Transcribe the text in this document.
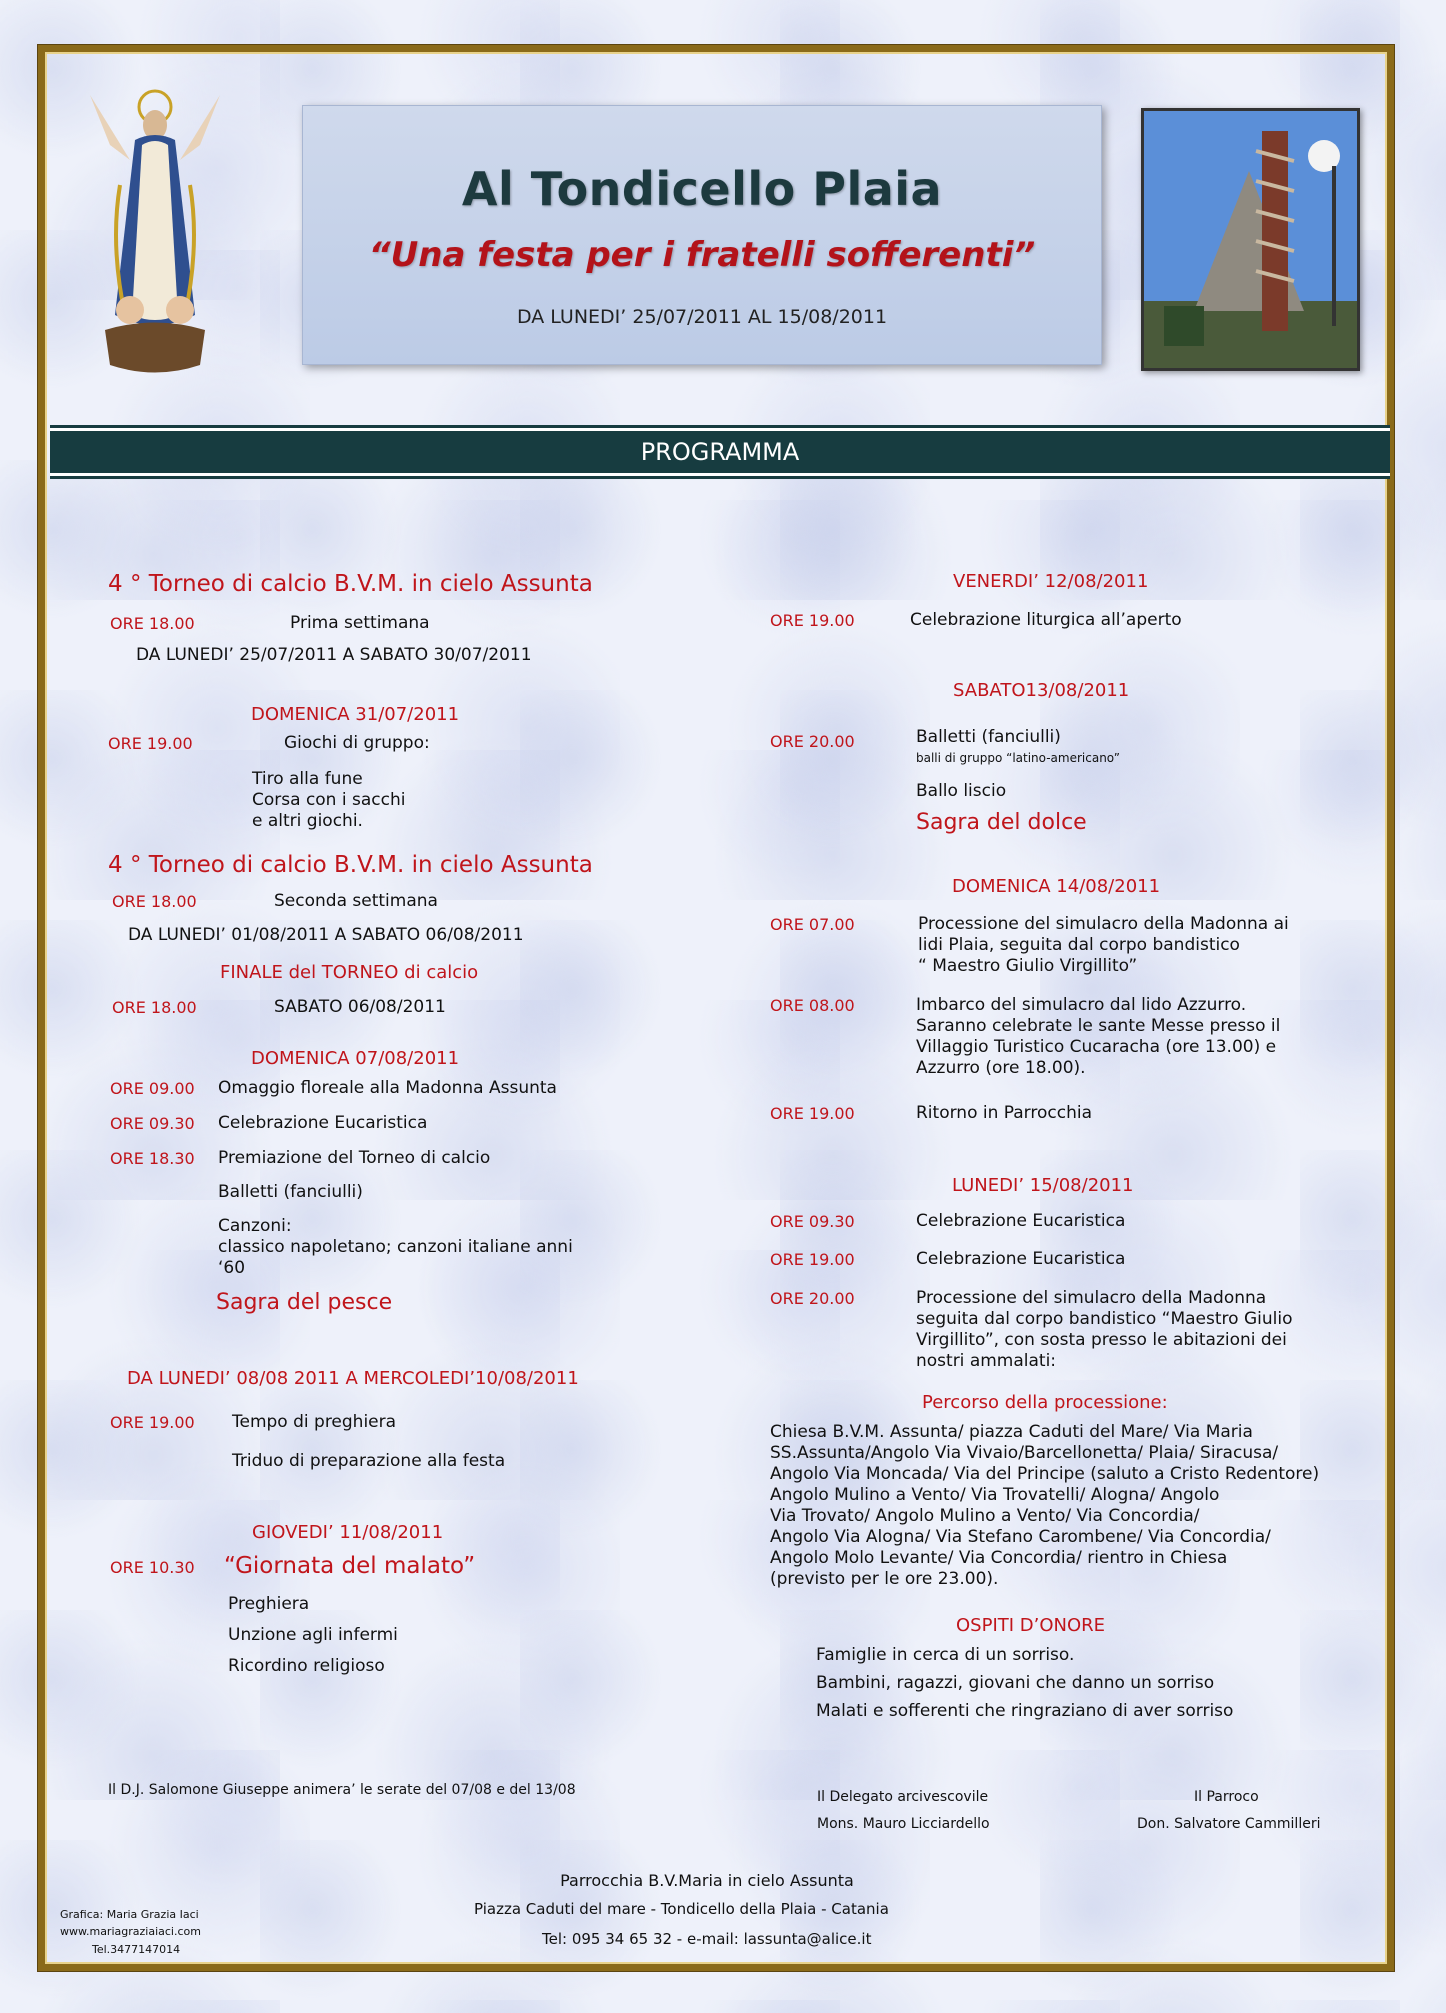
Al Tondicello Plaia
“Una festa per i fratelli sofferenti”
DA LUNEDI’ 25/07/2011 AL 15/08/2011
PROGRAMMA
4 ° Torneo di calcio B.V.M. in cielo Assunta
ORE 18.00	Prima settimana
DA LUNEDI’ 25/07/2011 A SABATO 30/07/2011
DOMENICA 31/07/2011
ORE 19.00	Giochi di gruppo:
Tiro alla fune
Corsa con i sacchi
e altri giochi.
4 ° Torneo di calcio B.V.M. in cielo Assunta
ORE 18.00	Seconda settimana
DA LUNEDI’ 01/08/2011 A SABATO 06/08/2011
FINALE del TORNEO di calcio
ORE 18.00	SABATO 06/08/2011
DOMENICA 07/08/2011
ORE 09.00 Omaggio floreale alla Madonna Assunta
ORE 09.30 Celebrazione Eucaristica
ORE 18.30 Premiazione del Torneo di calcio
Balletti (fanciulli)
Canzoni:
classico napoletano; canzoni italiane anni
‘60
Sagra del pesce
DA LUNEDI’ 08/08 2011 A MERCOLEDI’10/08/2011
ORE 19.00 Tempo di preghiera
Triduo di preparazione alla festa
GIOVEDI’ 11/08/2011
ORE 10.30 “Giornata del malato”
Preghiera
Unzione agli infermi
Ricordino religioso
Il D.J. Salomone Giuseppe animera’ le serate del 07/08 e del 13/08
VENERDI’ 12/08/2011
ORE 19.00	Celebrazione liturgica all’aperto
SABATO13/08/2011
ORE 20.00	Balletti (fanciulli)
balli di gruppo “latino-americano”
Ballo liscio
Sagra del dolce
DOMENICA 14/08/2011
ORE 07.00	Processione del simulacro della Madonna ai
lidi Plaia, seguita dal corpo bandistico
“ Maestro Giulio Virgillito”
ORE 08.00	Imbarco del simulacro dal lido Azzurro.
Saranno celebrate le sante Messe presso il
Villaggio Turistico Cucaracha (ore 13.00) e
Azzurro (ore 18.00).
ORE 19.00	Ritorno in Parrocchia
LUNEDI’ 15/08/2011
ORE 09.30	Celebrazione Eucaristica
ORE 19.00	Celebrazione Eucaristica
ORE 20.00	Processione del simulacro della Madonna
seguita dal corpo bandistico “Maestro Giulio
Virgillito”, con sosta presso le abitazioni dei
nostri ammalati:
Percorso della processione:
Chiesa B.V.M. Assunta/ piazza Caduti del Mare/ Via Maria
SS.Assunta/Angolo Via Vivaio/Barcellonetta/ Plaia/ Siracusa/
Angolo Via Moncada/ Via del Principe (saluto a Cristo Redentore)
Angolo Mulino a Vento/ Via Trovatelli/ Alogna/ Angolo
Via Trovato/ Angolo Mulino a Vento/ Via Concordia/
Angolo Via Alogna/ Via Stefano Carombene/ Via Concordia/
Angolo Molo Levante/ Via Concordia/ rientro in Chiesa
(previsto per le ore 23.00).
OSPITI D’ONORE
Famiglie in cerca di un sorriso.
Bambini, ragazzi, giovani che danno un sorriso
Malati e sofferenti che ringraziano di aver sorriso
Il Delegato arcivescovile
Mons. Mauro Licciardello
Il Parroco
Don. Salvatore Cammilleri
Parrocchia B.V.Maria in cielo Assunta
Piazza Caduti del mare - Tondicello della Plaia - Catania
Tel: 095 34 65 32 - e-mail: lassunta@alice.it
Grafica: Maria Grazia Iaci
www.mariagraziaiaci.com
Tel.3477147014
